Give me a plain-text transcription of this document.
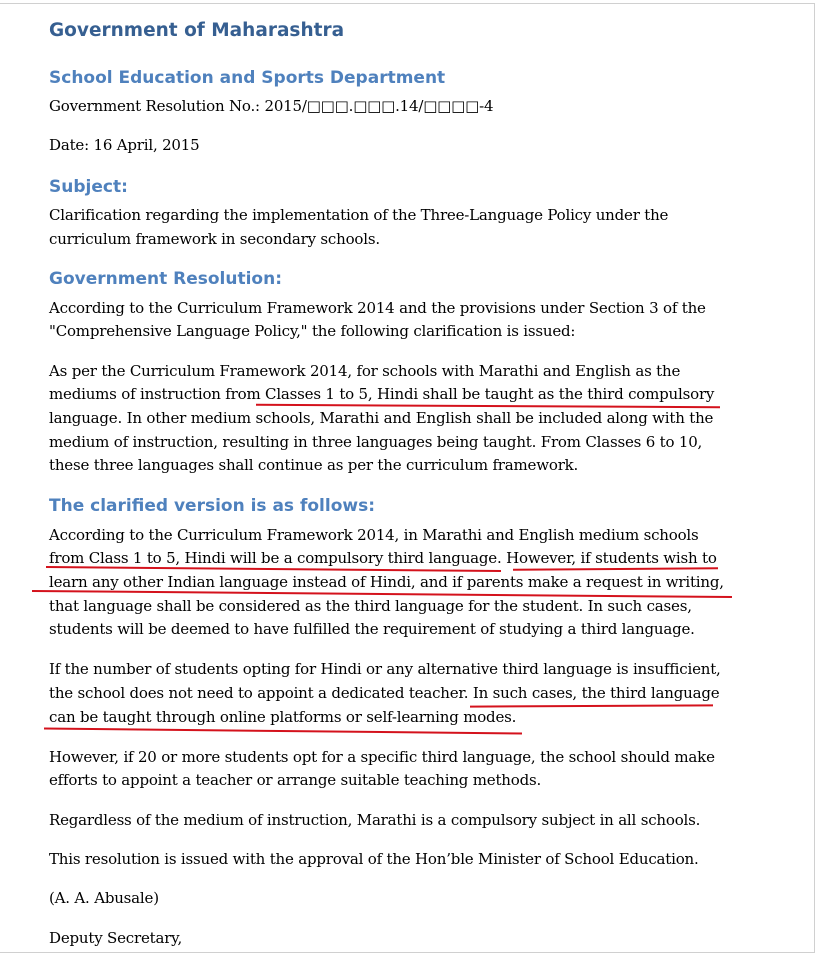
Government of Maharashtra

School Education and Sports Department

Government Resolution No.: 2015/□□□.□□□.14/□□□□-4

Date: 16 April, 2015

Subject:

Clarification regarding the implementation of the Three-Language Policy under the

curriculum framework in secondary schools.

Government Resolution:

According to the Curriculum Framework 2014 and the provisions under Section 3 of the

"Comprehensive Language Policy," the following clarification is issued:

As per the Curriculum Framework 2014, for schools with Marathi and English as the

mediums of instruction from Classes 1 to 5, Hindi shall be taught as the third compulsory

language. In other medium schools, Marathi and English shall be included along with the

medium of instruction, resulting in three languages being taught. From Classes 6 to 10,

these three languages shall continue as per the curriculum framework.

The clarified version is as follows:

According to the Curriculum Framework 2014, in Marathi and English medium schools

from Class 1 to 5, Hindi will be a compulsory third language. However, if students wish to

learn any other Indian language instead of Hindi, and if parents make a request in writing,

that language shall be considered as the third language for the student. In such cases,

students will be deemed to have fulfilled the requirement of studying a third language.

If the number of students opting for Hindi or any alternative third language is insufficient,

the school does not need to appoint a dedicated teacher. In such cases, the third language

can be taught through online platforms or self-learning modes.

However, if 20 or more students opt for a specific third language, the school should make

efforts to appoint a teacher or arrange suitable teaching methods.

Regardless of the medium of instruction, Marathi is a compulsory subject in all schools.

This resolution is issued with the approval of the Hon’ble Minister of School Education.

(A. A. Abusale)

Deputy Secretary,
